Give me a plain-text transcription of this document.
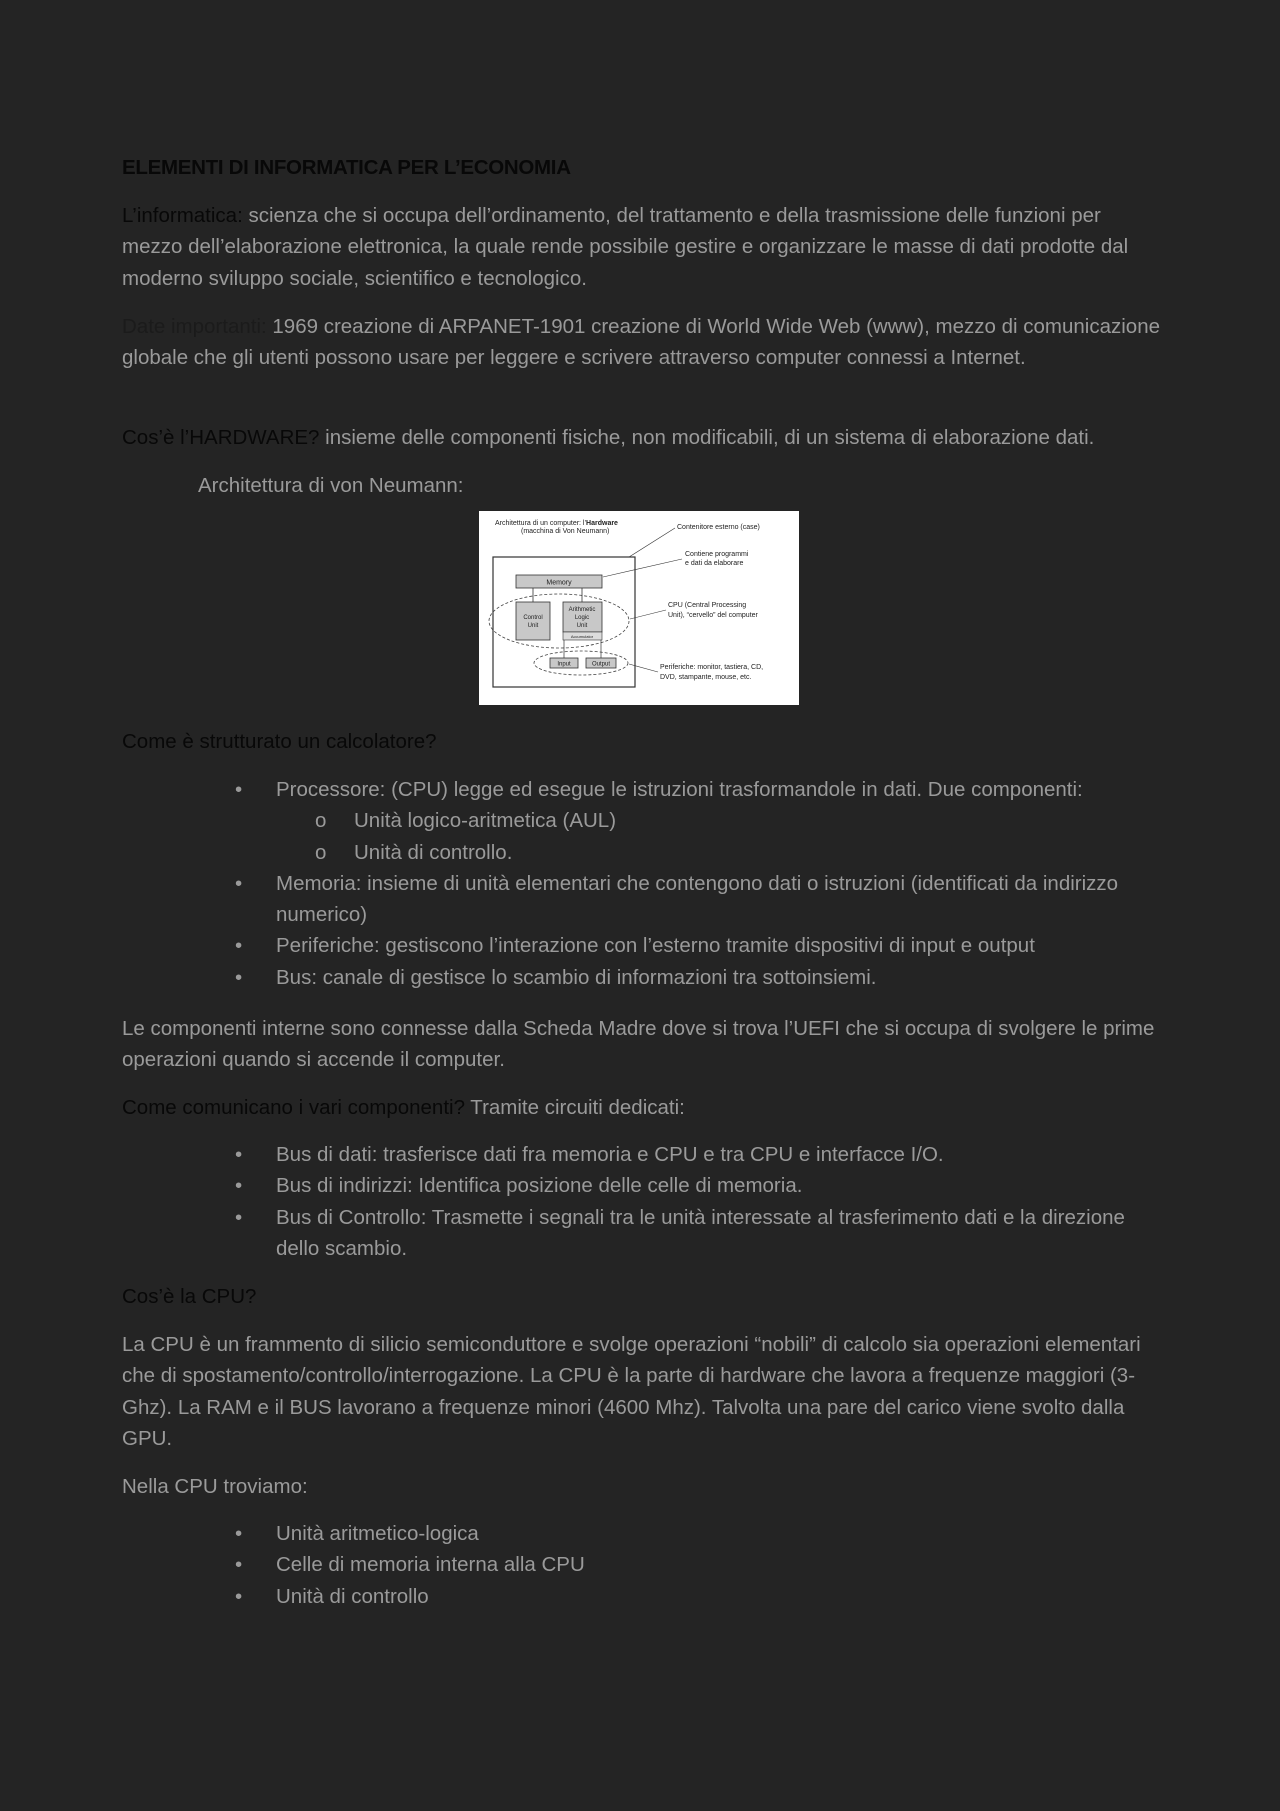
ELEMENTI DI INFORMATICA PER L’ECONOMIA

L’informatica: scienza che si occupa dell’ordinamento, del trattamento e della trasmissione delle funzioni per mezzo dell’elaborazione elettronica, la quale rende possibile gestire e organizzare le masse di dati prodotte dal moderno sviluppo sociale, scientifico e tecnologico.

Date importanti: 1969 creazione di ARPANET-1901 creazione di World Wide Web (www), mezzo di comunicazione globale che gli utenti possono usare per leggere e scrivere attraverso computer connessi a Internet.

Cos’è l’HARDWARE? insieme delle componenti fisiche, non modificabili, di un sistema di elaborazione dati.

Architettura di von Neumann:

Come è strutturato un calcolatore?

• Processore: (CPU) legge ed esegue le istruzioni trasformandole in dati. Due componenti:
o Unità logico-aritmetica (AUL)
o Unità di controllo.
• Memoria: insieme di unità elementari che contengono dati o istruzioni (identificati da indirizzo numerico)
• Periferiche: gestiscono l’interazione con l’esterno tramite dispositivi di input e output
• Bus: canale di gestisce lo scambio di informazioni tra sottoinsiemi.

Le componenti interne sono connesse dalla Scheda Madre dove si trova l’UEFI che si occupa di svolgere le prime operazioni quando si accende il computer.

Come comunicano i vari componenti? Tramite circuiti dedicati:

• Bus di dati: trasferisce dati fra memoria e CPU e tra CPU e interfacce I/O.
• Bus di indirizzi: Identifica posizione delle celle di memoria.
• Bus di Controllo: Trasmette i segnali tra le unità interessate al trasferimento dati e la direzione dello scambio.

Cos’è la CPU?

La CPU è un frammento di silicio semiconduttore e svolge operazioni “nobili” di calcolo sia operazioni elementari che di spostamento/controllo/interrogazione. La CPU è la parte di hardware che lavora a frequenze maggiori (3-Ghz). La RAM e il BUS lavorano a frequenze minori (4600 Mhz). Talvolta una pare del carico viene svolto dalla GPU.

Nella CPU troviamo:

• Unità aritmetico-logica
• Celle di memoria interna alla CPU
• Unità di controllo
Architettura di un computer: l’Hardware
(macchina di Von Neumann)
Memory
Control
Unit
Arithmetic
Logic
Unit
Accumulator
Input	Output
Contenitore esterno (case)
Contiene programmi
e dati da elaborare
CPU (Central Processing
Unit), “cervello” del computer
Periferiche: monitor, tastiera, CD,
DVD, stampante, mouse, etc.
